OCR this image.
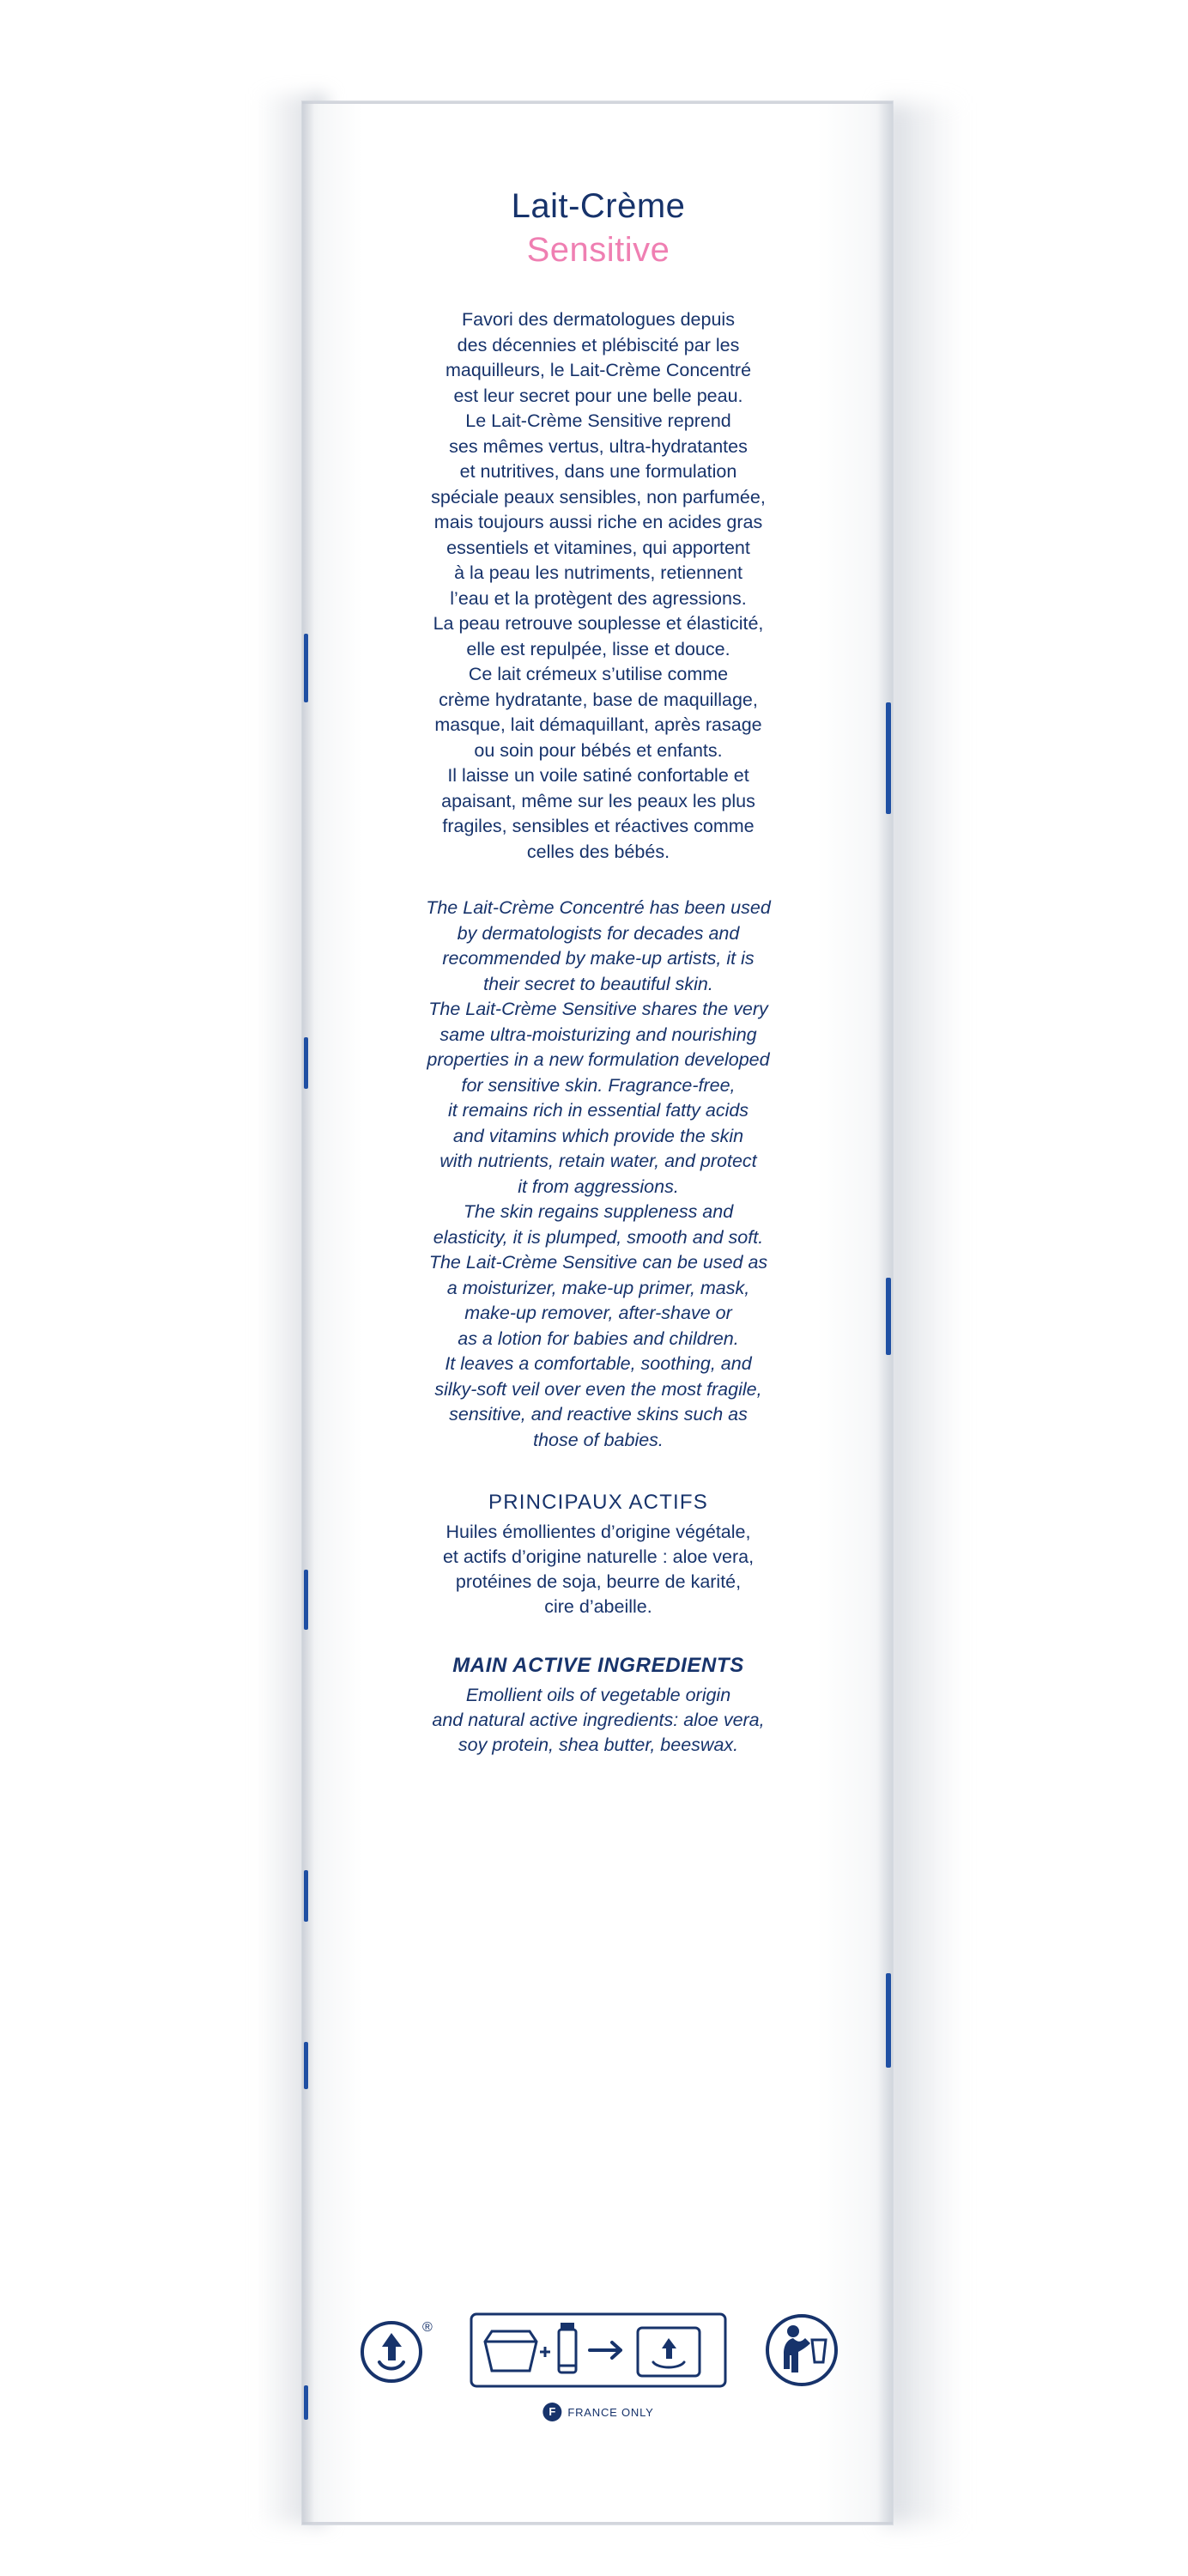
Lait-Crème
Sensitive

Favori des dermatologues depuis

des décennies et plébiscité par les

maquilleurs, le Lait-Crème Concentré

est leur secret pour une belle peau.

Le Lait-Crème Sensitive reprend

ses mêmes vertus, ultra-hydratantes

et nutritives, dans une formulation

spéciale peaux sensibles, non parfumée,

mais toujours aussi riche en acides gras

essentiels et vitamines, qui apportent

à la peau les nutriments, retiennent

l’eau et la protègent des agressions.

La peau retrouve souplesse et élasticité,

elle est repulpée, lisse et douce.

Ce lait crémeux s’utilise comme

crème hydratante, base de maquillage,

masque, lait démaquillant, après rasage

ou soin pour bébés et enfants.

Il laisse un voile satiné confortable et

apaisant, même sur les peaux les plus

fragiles, sensibles et réactives comme

celles des bébés.

The Lait-Crème Concentré has been used

by dermatologists for decades and

recommended by make-up artists, it is

their secret to beautiful skin.

The Lait-Crème Sensitive shares the very

same ultra-moisturizing and nourishing

properties in a new formulation developed

for sensitive skin. Fragrance-free,

it remains rich in essential fatty acids

and vitamins which provide the skin

with nutrients, retain water, and protect

it from aggressions.

The skin regains suppleness and

elasticity, it is plumped, smooth and soft.

The Lait-Crème Sensitive can be used as

a moisturizer, make-up primer, mask,

make-up remover, after-shave or

as a lotion for babies and children.

It leaves a comfortable, soothing, and

silky-soft veil over even the most fragile,

sensitive, and reactive skins such as

those of babies.

PRINCIPAUX ACTIFS

Huiles émollientes d’origine végétale,

et actifs d’origine naturelle : aloe vera,

protéines de soja, beurre de karité,

cire d’abeille.

MAIN ACTIVE INGREDIENTS

Emollient oils of vegetable origin

and natural active ingredients: aloe vera,

soy protein, shea butter, beeswax.

®
F	FRANCE ONLY
